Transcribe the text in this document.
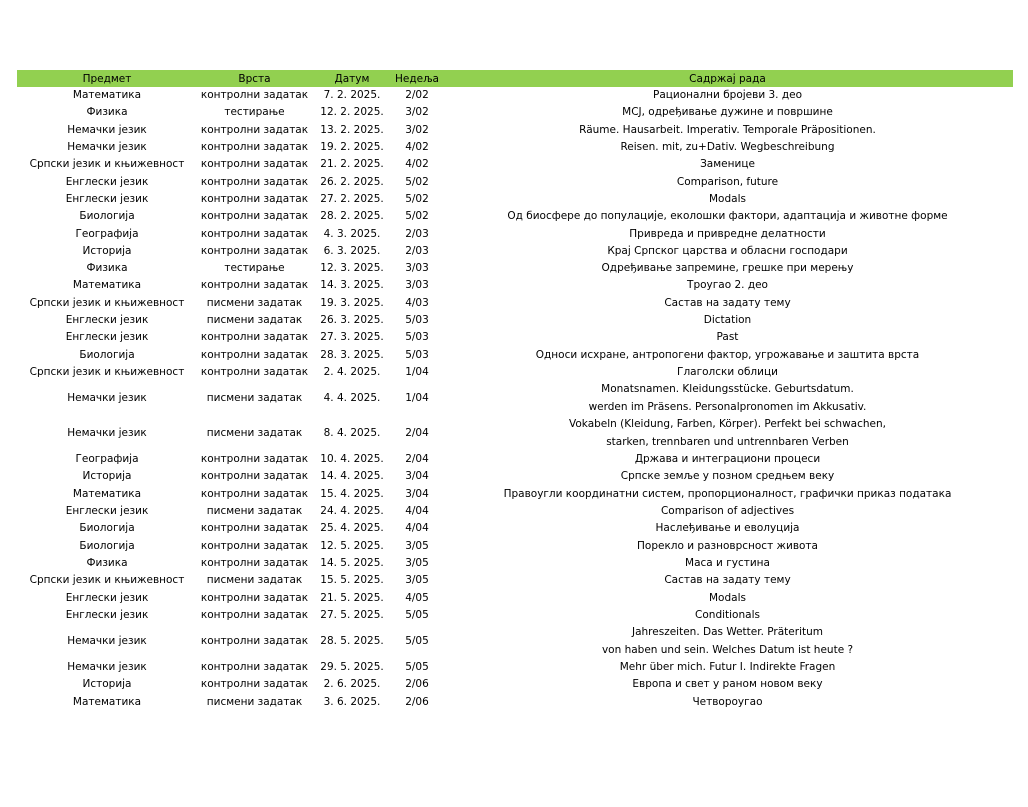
Предмет	Врста	Датум	Недеља	Садржај рада
Математика	контролни задатак	7. 2. 2025.	2/02	Рационални бројеви 3. део

Физика	тестирање	12. 2. 2025.	3/02	МСЈ, одређивање дужине и површине

Немачки језик	контролни задатак	13. 2. 2025.	3/02	Räume. Hausarbeit. Imperativ. Temporale Präpositionen.

Немачки језик	контролни задатак	19. 2. 2025.	4/02	Reisen. mit, zu+Dativ. Wegbeschreibung

Српски језик и књижевност	контролни задатак	21. 2. 2025.	4/02	Заменице

Енглески језик	контролни задатак	26. 2. 2025.	5/02	Comparison, future

Енглески језик	контролни задатак	27. 2. 2025.	5/02	Modals

Биологија	контролни задатак	28. 2. 2025.	5/02	Од биосфере до популације, еколошки фактори, адаптација и животне форме

Географија	контролни задатак	4. 3. 2025.	2/03	Привреда и привредне делатности

Историја	контролни задатак	6. 3. 2025.	2/03	Крај Српског царства и обласни господари

Физика	тестирање	12. 3. 2025.	3/03	Одређивање запремине, грешке при мерењу

Математика	контролни задатак	14. 3. 2025.	3/03	Троугао 2. део

Српски језик и књижевност	писмени задатак	19. 3. 2025.	4/03	Састав на задату тему

Енглески језик	писмени задатак	26. 3. 2025.	5/03	Dictation

Енглески језик	контролни задатак	27. 3. 2025.	5/03	Past

Биологија	контролни задатак	28. 3. 2025.	5/03	Односи исхране, антропогени фактор, угрожавање и заштита врста

Српски језик и књижевност	контролни задатак	2. 4. 2025.	1/04	Глаголски облици

Немачки језик	писмени задатак	4. 4. 2025.	1/04	Monatsnamen. Kleidungsstücke. Geburtsdatum.
werden im Präsens. Personalpronomen im Akkusativ.

Немачки језик	писмени задатак	8. 4. 2025.	2/04	Vokabeln (Kleidung, Farben, Körper). Perfekt bei schwachen,
starken, trennbaren und untrennbaren Verben

Географија	контролни задатак	10. 4. 2025.	2/04	Држава и интеграциони процеси

Историја	контролни задатак	14. 4. 2025.	3/04	Српске земље у позном средњем веку

Математика	контролни задатак	15. 4. 2025.	3/04	Правоугли координатни систем, пропорционалност, графички приказ података

Енглески језик	писмени задатак	24. 4. 2025.	4/04	Comparison of adjectives

Биологија	контролни задатак	25. 4. 2025.	4/04	Наслеђивање и еволуција

Биологија	контролни задатак	12. 5. 2025.	3/05	Порекло и разноврсност живота

Физика	контролни задатак	14. 5. 2025.	3/05	Маса и густина

Српски језик и књижевност	писмени задатак	15. 5. 2025.	3/05	Састав на задату тему

Енглески језик	контролни задатак	21. 5. 2025.	4/05	Modals

Енглески језик	контролни задатак	27. 5. 2025.	5/05	Conditionals

Немачки језик	контролни задатак	28. 5. 2025.	5/05	Jahreszeiten. Das Wetter. Präteritum
von haben und sein. Welches Datum ist heute ?

Немачки језик	контролни задатак	29. 5. 2025.	5/05	Mehr über mich. Futur I. Indirekte Fragen

Историја	контролни задатак	2. 6. 2025.	2/06	Европа и свет у раном новом веку

Математика	писмени задатак	3. 6. 2025.	2/06	Четвороугао
